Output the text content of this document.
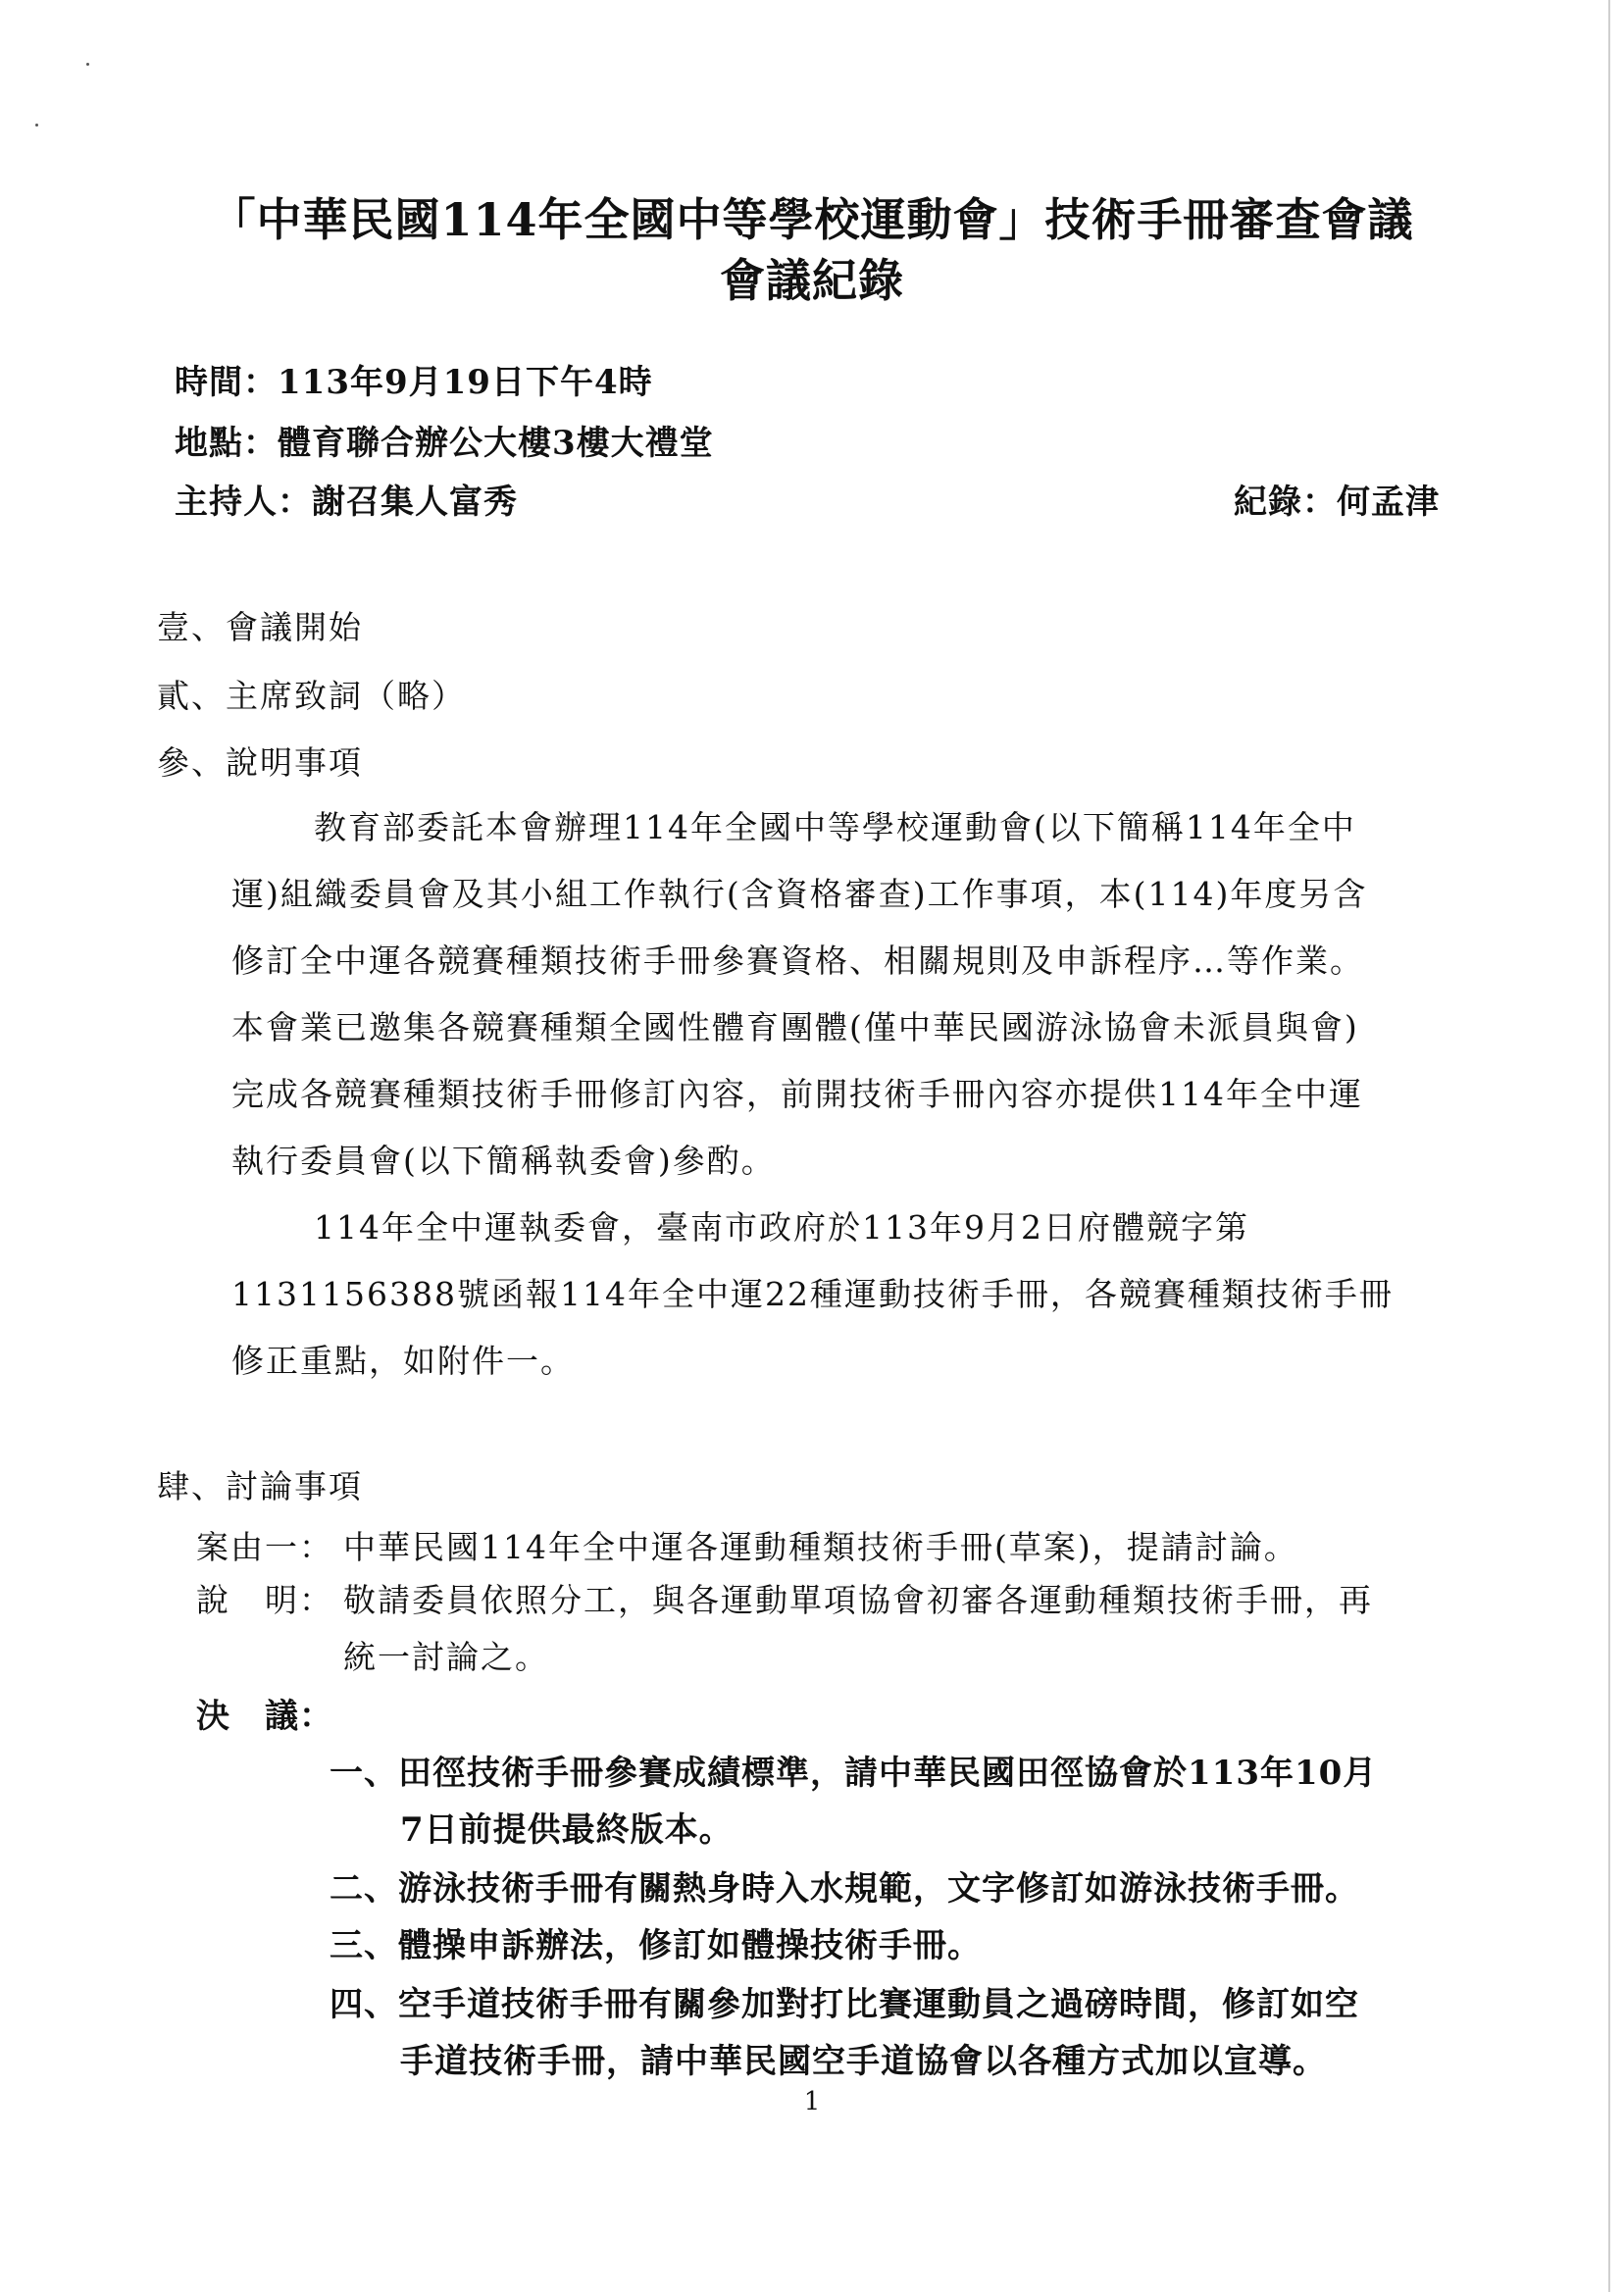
「中華民國114年全國中等學校運動會」技術手冊審查會議
會議紀錄
時間：113年9月19日下午4時
地點：體育聯合辦公大樓3樓大禮堂
主持人：謝召集人富秀	紀錄：何孟津
壹、會議開始
貳、主席致詞（略）
參、說明事項
教育部委託本會辦理114年全國中等學校運動會(以下簡稱114年全中
運)組織委員會及其小組工作執行(含資格審查)工作事項，本(114)年度另含
修訂全中運各競賽種類技術手冊參賽資格、相關規則及申訴程序…等作業。
本會業已邀集各競賽種類全國性體育團體(僅中華民國游泳協會未派員與會)
完成各競賽種類技術手冊修訂內容，前開技術手冊內容亦提供114年全中運
執行委員會(以下簡稱執委會)參酌。
114年全中運執委會，臺南市政府於113年9月2日府體競字第
1131156388號函報114年全中運22種運動技術手冊，各競賽種類技術手冊
修正重點，如附件一。
肆、討論事項
案由一： 中華民國114年全中運各運動種類技術手冊(草案)，提請討論。
說　明： 敬請委員依照分工，與各運動單項協會初審各運動種類技術手冊，再
統一討論之。
決　議：
一、田徑技術手冊參賽成績標準，請中華民國田徑協會於113年10月
7日前提供最終版本。
二、游泳技術手冊有關熱身時入水規範，文字修訂如游泳技術手冊。
三、體操申訴辦法，修訂如體操技術手冊。
四、空手道技術手冊有關參加對打比賽運動員之過磅時間，修訂如空
手道技術手冊，請中華民國空手道協會以各種方式加以宣導。
1
